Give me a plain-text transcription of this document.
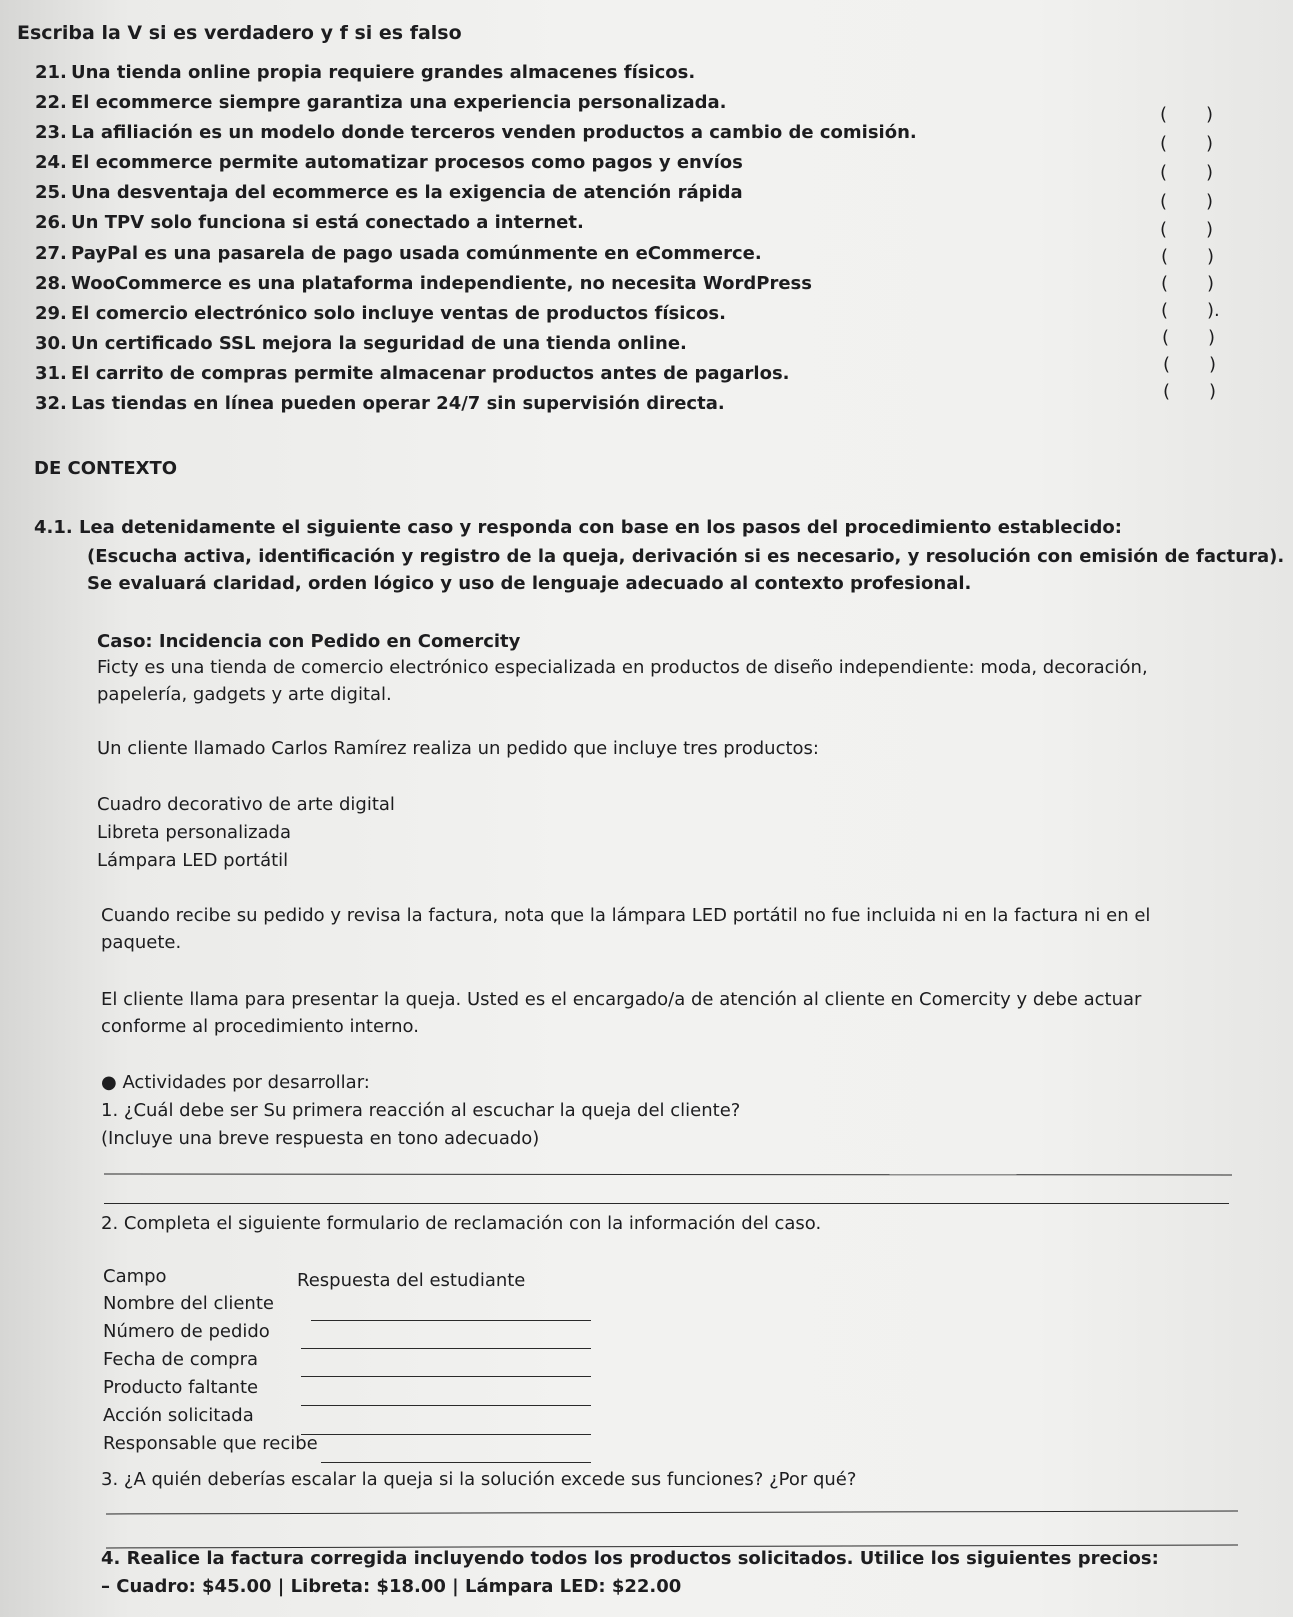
Escriba la V si es verdadero y f si es falso
21. Una tienda online propia requiere grandes almacenes físicos.
22. El ecommerce siempre garantiza una experiencia personalizada.
23. La afiliación es un modelo donde terceros venden productos a cambio de comisión.
24. El ecommerce permite automatizar procesos como pagos y envíos
25. Una desventaja del ecommerce es la exigencia de atención rápida
26. Un TPV solo funciona si está conectado a internet.
27. PayPal es una pasarela de pago usada comúnmente en eCommerce.
28. WooCommerce es una plataforma independiente, no necesita WordPress
29. El comercio electrónico solo incluye ventas de productos físicos.
30. Un certificado SSL mejora la seguridad de una tienda online.
31. El carrito de compras permite almacenar productos antes de pagarlos.
32. Las tiendas en línea pueden operar 24/7 sin supervisión directa.
( )
( )
( )
( )
( )
( )
( )
( ).
( )
( )
( )
DE CONTEXTO
4.1. Lea detenidamente el siguiente caso y responda con base en los pasos del procedimiento establecido:
(Escucha activa, identificación y registro de la queja, derivación si es necesario, y resolución con emisión de factura).
Se evaluará claridad, orden lógico y uso de lenguaje adecuado al contexto profesional.
Caso: Incidencia con Pedido en Comercity
Ficty es una tienda de comercio electrónico especializada en productos de diseño independiente: moda, decoración,
papelería, gadgets y arte digital.
Un cliente llamado Carlos Ramírez realiza un pedido que incluye tres productos:
Cuadro decorativo de arte digital
Libreta personalizada
Lámpara LED portátil
Cuando recibe su pedido y revisa la factura, nota que la lámpara LED portátil no fue incluida ni en la factura ni en el
paquete.
El cliente llama para presentar la queja. Usted es el encargado/a de atención al cliente en Comercity y debe actuar
conforme al procedimiento interno.
● Actividades por desarrollar:
1. ¿Cuál debe ser Su primera reacción al escuchar la queja del cliente?
(Incluye una breve respuesta en tono adecuado)
2. Completa el siguiente formulario de reclamación con la información del caso.
Campo	Respuesta del estudiante
Nombre del cliente
Número de pedido
Fecha de compra
Producto faltante
Acción solicitada
Responsable que recibe
3. ¿A quién deberías escalar la queja si la solución excede sus funciones? ¿Por qué?
4. Realice la factura corregida incluyendo todos los productos solicitados. Utilice los siguientes precios:
– Cuadro: $45.00 | Libreta: $18.00 | Lámpara LED: $22.00
